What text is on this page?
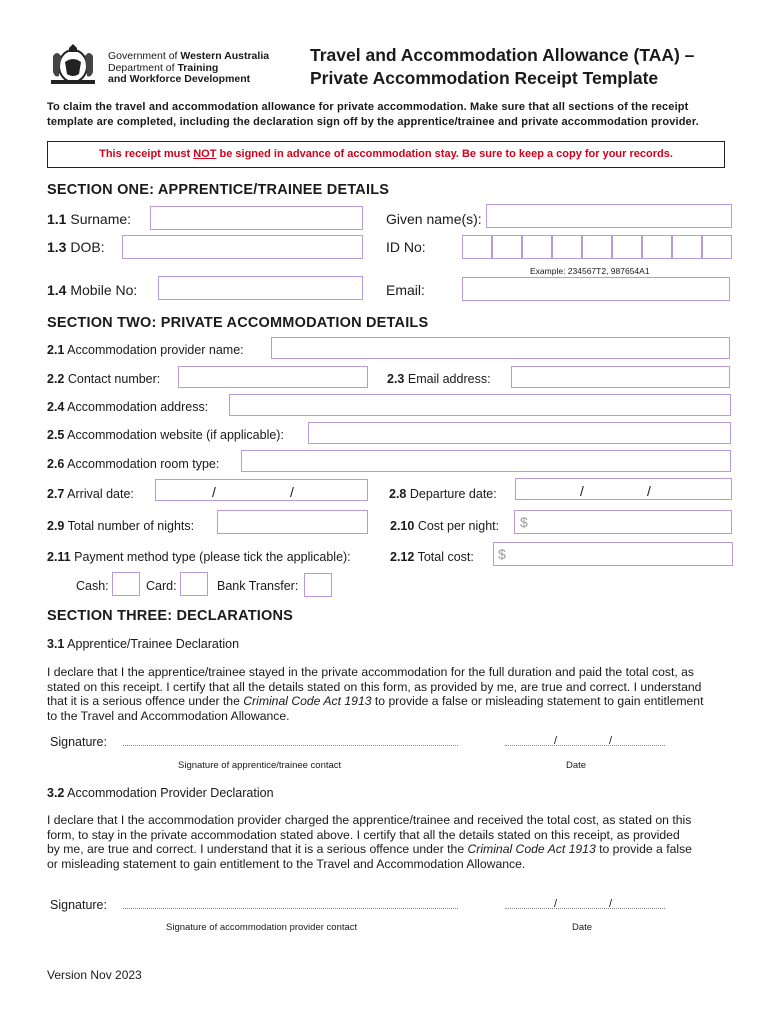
Government of Western Australia
Department of Training
and Workforce Development
Travel and Accommodation Allowance (TAA) –
Private Accommodation Receipt Template
To claim the travel and accommodation allowance for private accommodation. Make sure that all sections of the receipt template are completed, including the declaration sign off by the apprentice/trainee and private accommodation provider.
This receipt must NOT be signed in advance of accommodation stay. Be sure to keep a copy for your records.
SECTION ONE: APPRENTICE/TRAINEE DETAILS
1.1 Surname:	Given name(s):
1.3 DOB:	ID No:
Example: 234567T2, 987654A1
1.4 Mobile No:	Email:
SECTION TWO: PRIVATE ACCOMMODATION DETAILS
2.1 Accommodation provider name:
2.2 Contact number:	2.3 Email address:
2.4 Accommodation address:
2.5 Accommodation website (if applicable):
2.6 Accommodation room type:
2.7 Arrival date:	/	/	2.8 Departure date:	/	/
2.9 Total number of nights:	2.10 Cost per night: $
2.11 Payment method type (please tick the applicable):	2.12 Total cost: $
Cash:	Card:	Bank Transfer:
SECTION THREE: DECLARATIONS
3.1 Apprentice/Trainee Declaration
I declare that I the apprentice/trainee stayed in the private accommodation for the full duration and paid the total cost, as stated on this receipt. I certify that all the details stated on this form, as provided by me, are true and correct. I understand that it is a serious offence under the Criminal Code Act 1913 to provide a false or misleading statement to gain entitlement to the Travel and Accommodation Allowance.
Signature:	/	/
Signature of apprentice/trainee contact	Date
3.2 Accommodation Provider Declaration
I declare that I the accommodation provider charged the apprentice/trainee and received the total cost, as stated on this form, to stay in the private accommodation stated above. I certify that all the details stated on this receipt, as provided by me, are true and correct. I understand that it is a serious offence under the Criminal Code Act 1913 to provide a false or misleading statement to gain entitlement to the Travel and Accommodation Allowance.
Signature:	/	/
Signature of accommodation provider contact	Date
Version Nov 2023
